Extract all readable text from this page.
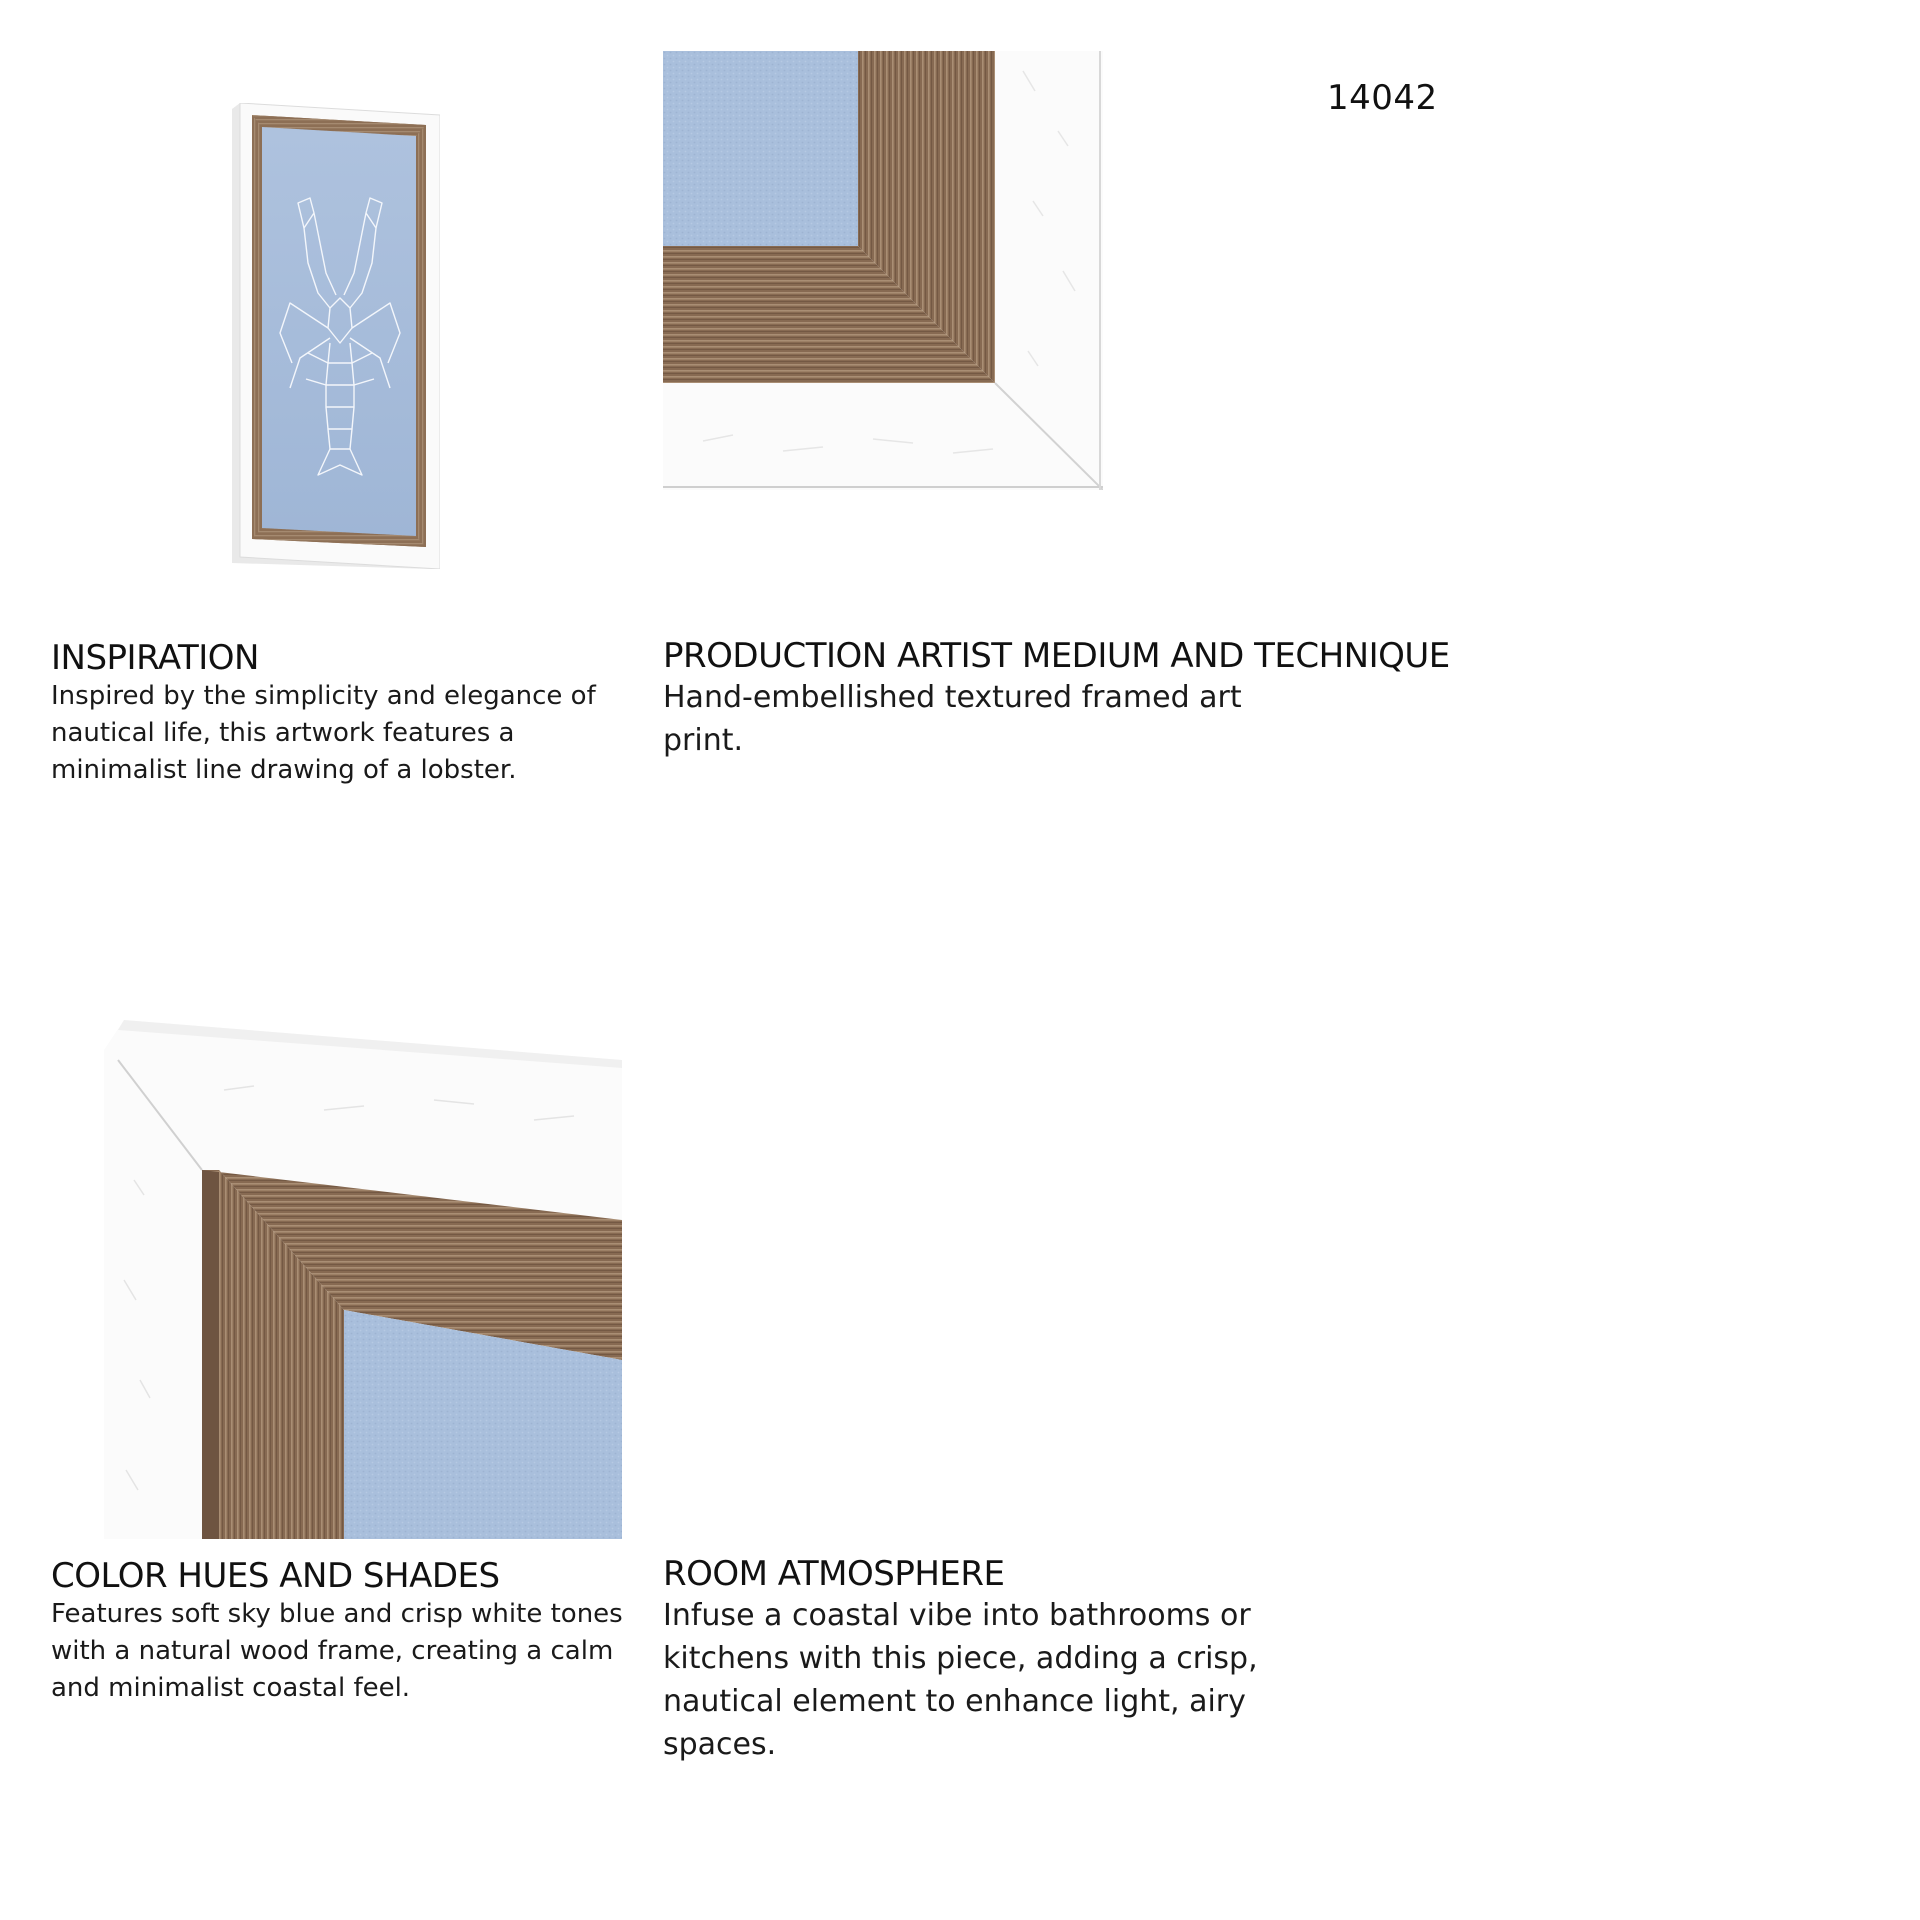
14042
INSPIRATION

Inspired by the simplicity and elegance of nautical life, this artwork features a minimalist line drawing of a lobster.

PRODUCTION ARTIST MEDIUM AND TECHNIQUE

Hand-embellished textured framed art print.

COLOR HUES AND SHADES

Features soft sky blue and crisp white tones with a natural wood frame, creating a calm and minimalist coastal feel.

ROOM ATMOSPHERE

Infuse a coastal vibe into bathrooms or kitchens with this piece, adding a crisp, nautical element to enhance light, airy spaces.
